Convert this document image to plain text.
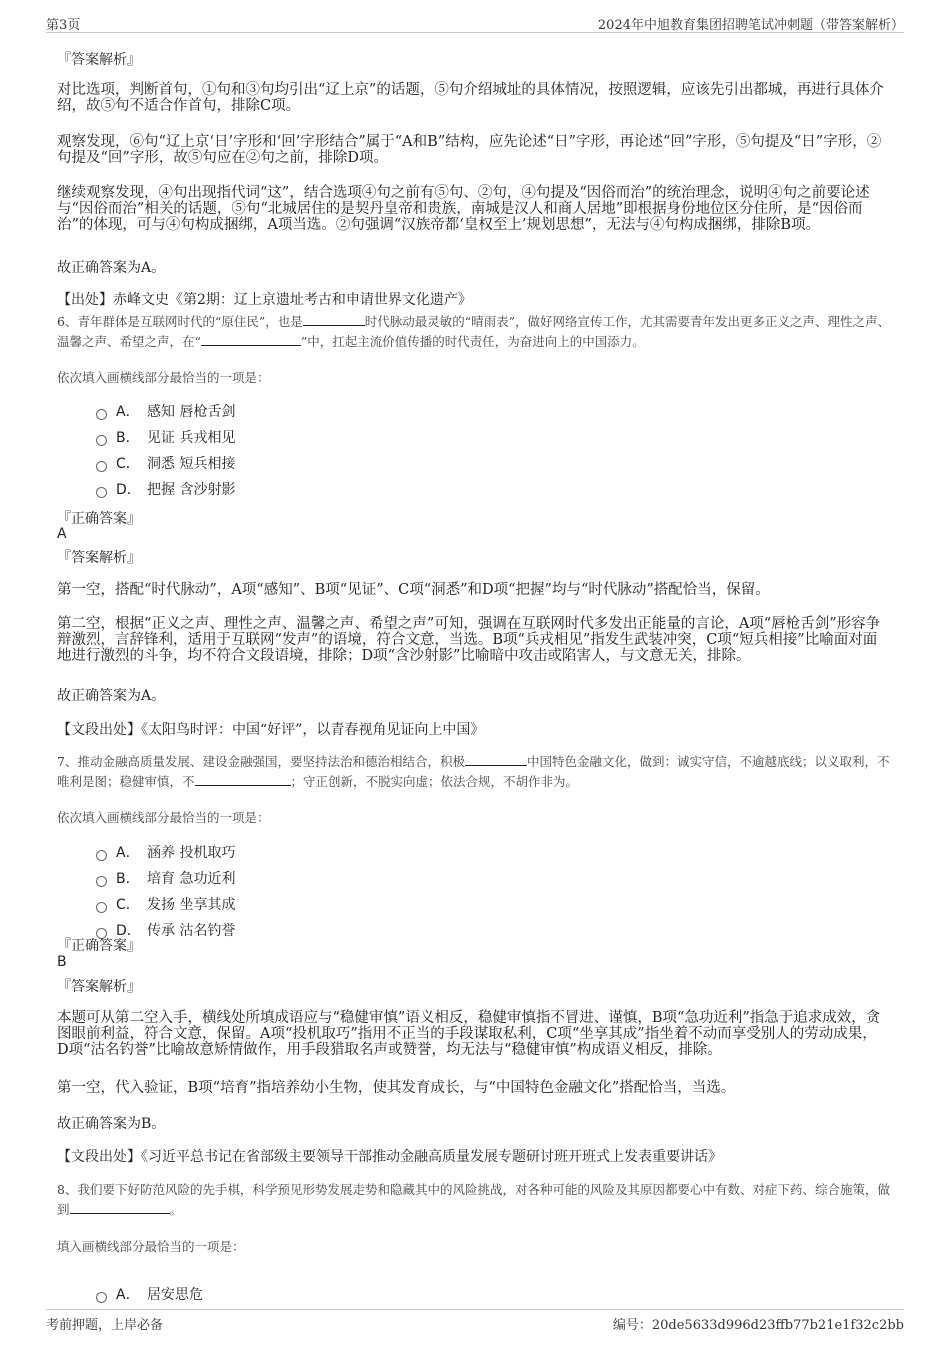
第3页	2024年中旭教育集团招聘笔试冲刺题（带答案解析）
『答案解析』
对比选项，判断首句，①句和③句均引出“辽上京”的话题，⑤句介绍城址的具体情况，按照逻辑，应该先引出都城，再进行具体介绍，故⑤句不适合作首句，排除C项。
观察发现，⑥句“辽上京‘日’字形和‘回’字形结合”属于“A和B”结构，应先论述“日”字形，再论述“回”字形，⑤句提及“日”字形，②句提及“回”字形，故⑤句应在②句之前，排除D项。
继续观察发现，④句出现指代词“这”，结合选项④句之前有⑤句、②句，④句提及“因俗而治”的统治理念，说明④句之前要论述与“因俗而治”相关的话题，⑤句“北城居住的是契丹皇帝和贵族，南城是汉人和商人居地”即根据身份地位区分住所，是“因俗而治”的体现，可与④句构成捆绑，A项当选。②句强调“汉族帝都‘皇权至上’规划思想”，无法与④句构成捆绑，排除B项。
故正确答案为A。
【出处】赤峰文史《第2期：辽上京遗址考古和申请世界文化遗产》
6、青年群体是互联网时代的“原住民”，也是	时代脉动最灵敏的“晴雨表”，做好网络宣传工作，尤其需要青年发出更多正义之声、理性之声、温馨之声、希望之声，在“	”中，扛起主流价值传播的时代责任，为奋进向上的中国添力。
依次填入画横线部分最恰当的一项是：
A． 感知 唇枪舌剑
B． 见证 兵戎相见
C． 洞悉 短兵相接
D． 把握 含沙射影
『正确答案』
A
『答案解析』
第一空，搭配“时代脉动”，A项“感知”、B项“见证”、C项“洞悉”和D项“把握”均与“时代脉动”搭配恰当，保留。
第二空，根据“正义之声、理性之声、温馨之声、希望之声”可知，强调在互联网时代多发出正能量的言论，A项“唇枪舌剑”形容争辩激烈，言辞锋利，适用于互联网“发声”的语境，符合文意，当选。B项“兵戎相见”指发生武装冲突，C项“短兵相接”比喻面对面地进行激烈的斗争，均不符合文段语境，排除；D项“含沙射影”比喻暗中攻击或陷害人，与文意无关，排除。
故正确答案为A。
【文段出处】《太阳鸟时评：中国“好评”，以青春视角见证向上中国》
7、推动金融高质量发展、建设金融强国，要坚持法治和德治相结合，积极	中国特色金融文化，做到：诚实守信，不逾越底线；以义取利，不唯利是图；稳健审慎，不	；守正创新，不脱实向虚；依法合规，不胡作非为。
依次填入画横线部分最恰当的一项是：
A． 涵养 投机取巧
B． 培育 急功近利
C． 发扬 坐享其成
D． 传承 沽名钓誉
『正确答案』
B
『答案解析』
本题可从第二空入手，横线处所填成语应与“稳健审慎”语义相反，稳健审慎指不冒进、谨慎，B项“急功近利”指急于追求成效，贪图眼前利益，符合文意，保留。A项“投机取巧”指用不正当的手段谋取私利，C项“坐享其成”指坐着不动而享受别人的劳动成果，D项“沽名钓誉”比喻故意矫情做作，用手段猎取名声或赞誉，均无法与“稳健审慎”构成语义相反，排除。
第一空，代入验证，B项“培育”指培养幼小生物，使其发育成长，与“中国特色金融文化”搭配恰当，当选。
故正确答案为B。
【文段出处】《习近平总书记在省部级主要领导干部推动金融高质量发展专题研讨班开班式上发表重要讲话》
8、我们要下好防范风险的先手棋，科学预见形势发展走势和隐藏其中的风险挑战，对各种可能的风险及其原因都要心中有数、对症下药、综合施策，做到	。
填入画横线部分最恰当的一项是：
A． 居安思危
考前押题，上岸必备	编号：20de5633d996d23ffb77b21e1f32c2bb
